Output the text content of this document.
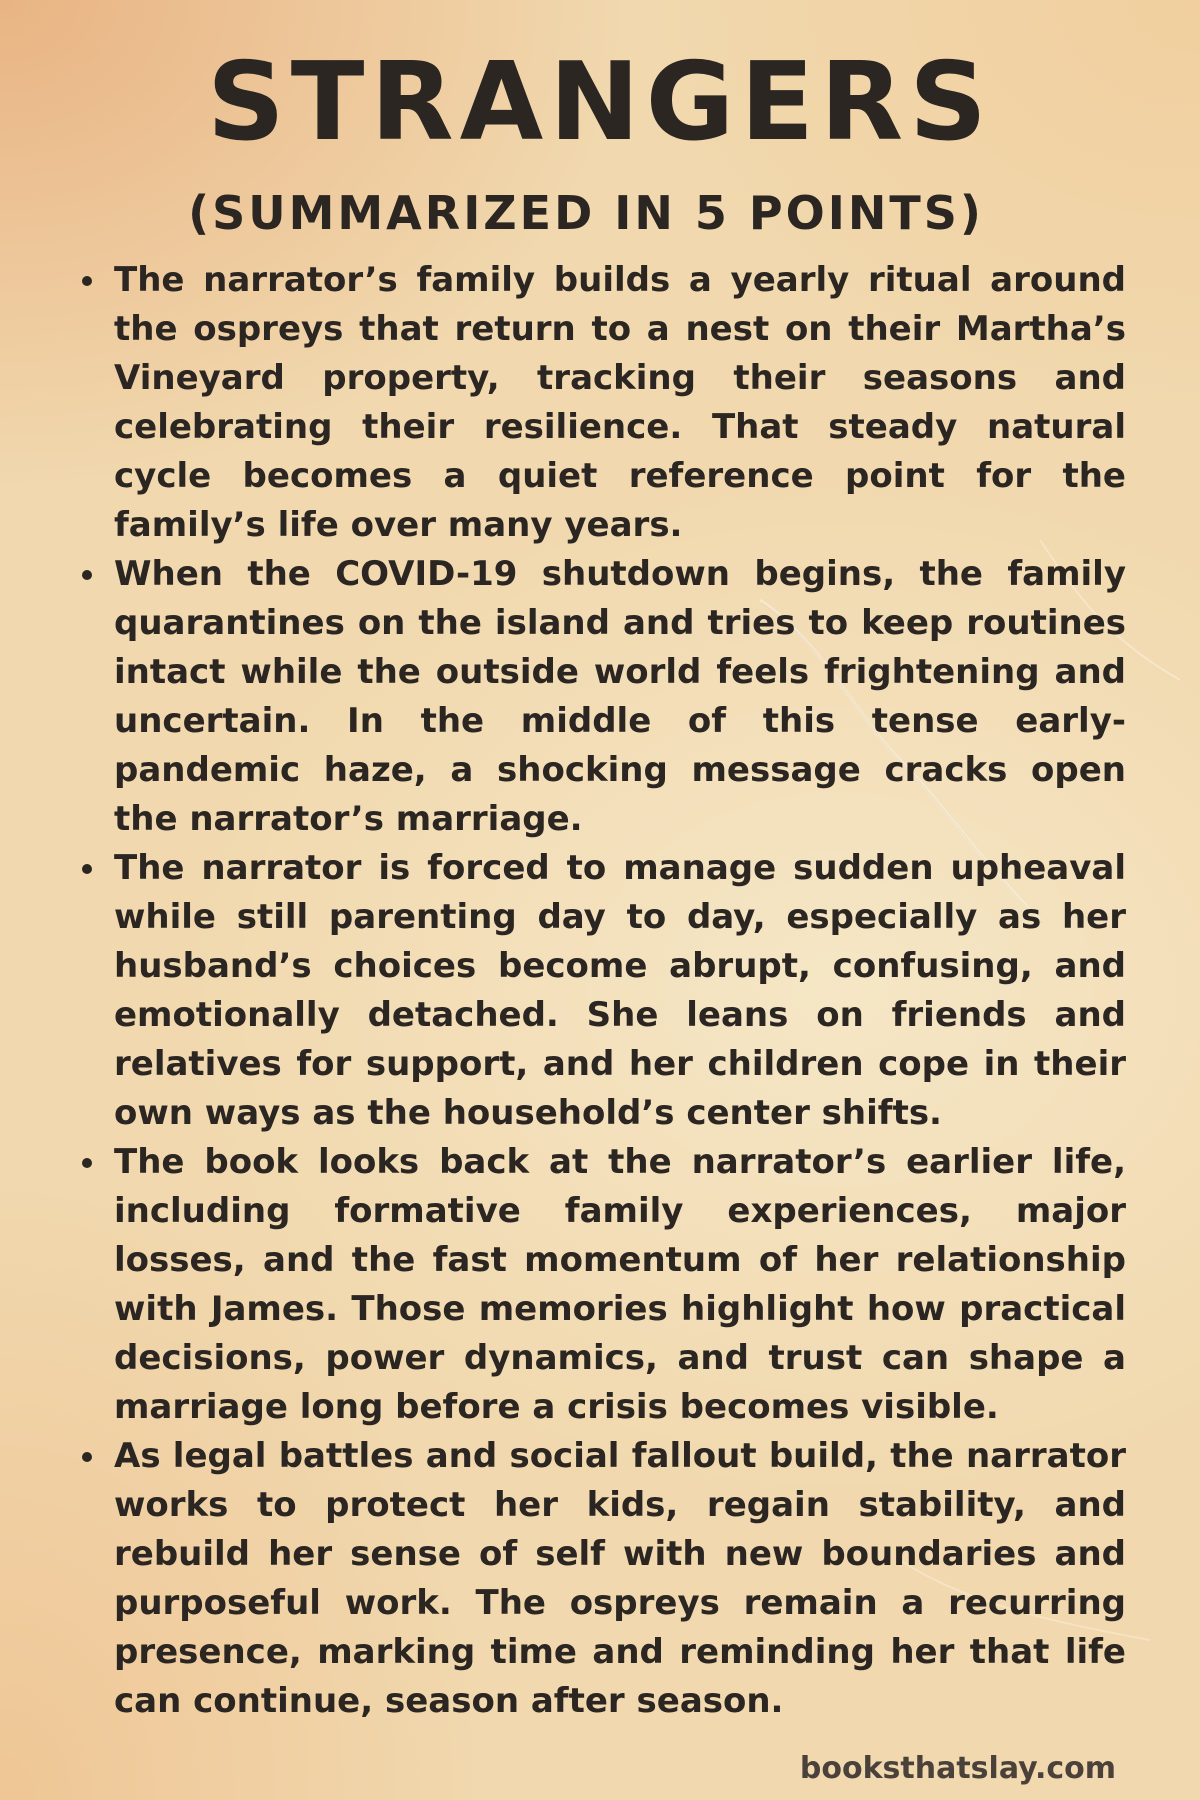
STRANGERS
(SUMMARIZED IN 5 POINTS)
The narrator’s family builds a yearly ritual around the ospreys that return to a nest on their Martha’s Vineyard property, tracking their seasons and celebrating their resilience. That steady natural cycle becomes a quiet reference point for the family’s life over many years.
When the COVID-19 shutdown begins, the family quarantines on the island and tries to keep routines intact while the outside world feels frightening and uncertain. In the middle of this tense early-pandemic haze, a shocking message cracks open the narrator’s marriage.
The narrator is forced to manage sudden upheaval while still parenting day to day, especially as her husband’s choices become abrupt, confusing, and emotionally detached. She leans on friends and relatives for support, and her children cope in their own ways as the household’s center shifts.
The book looks back at the narrator’s earlier life, including formative family experiences, major losses, and the fast momentum of her relationship with James. Those memories highlight how practical decisions, power dynamics, and trust can shape a marriage long before a crisis becomes visible.
As legal battles and social fallout build, the narrator works to protect her kids, regain stability, and rebuild her sense of self with new boundaries and purposeful work. The ospreys remain a recurring presence, marking time and reminding her that life can continue, season after season.
booksthatslay.com
